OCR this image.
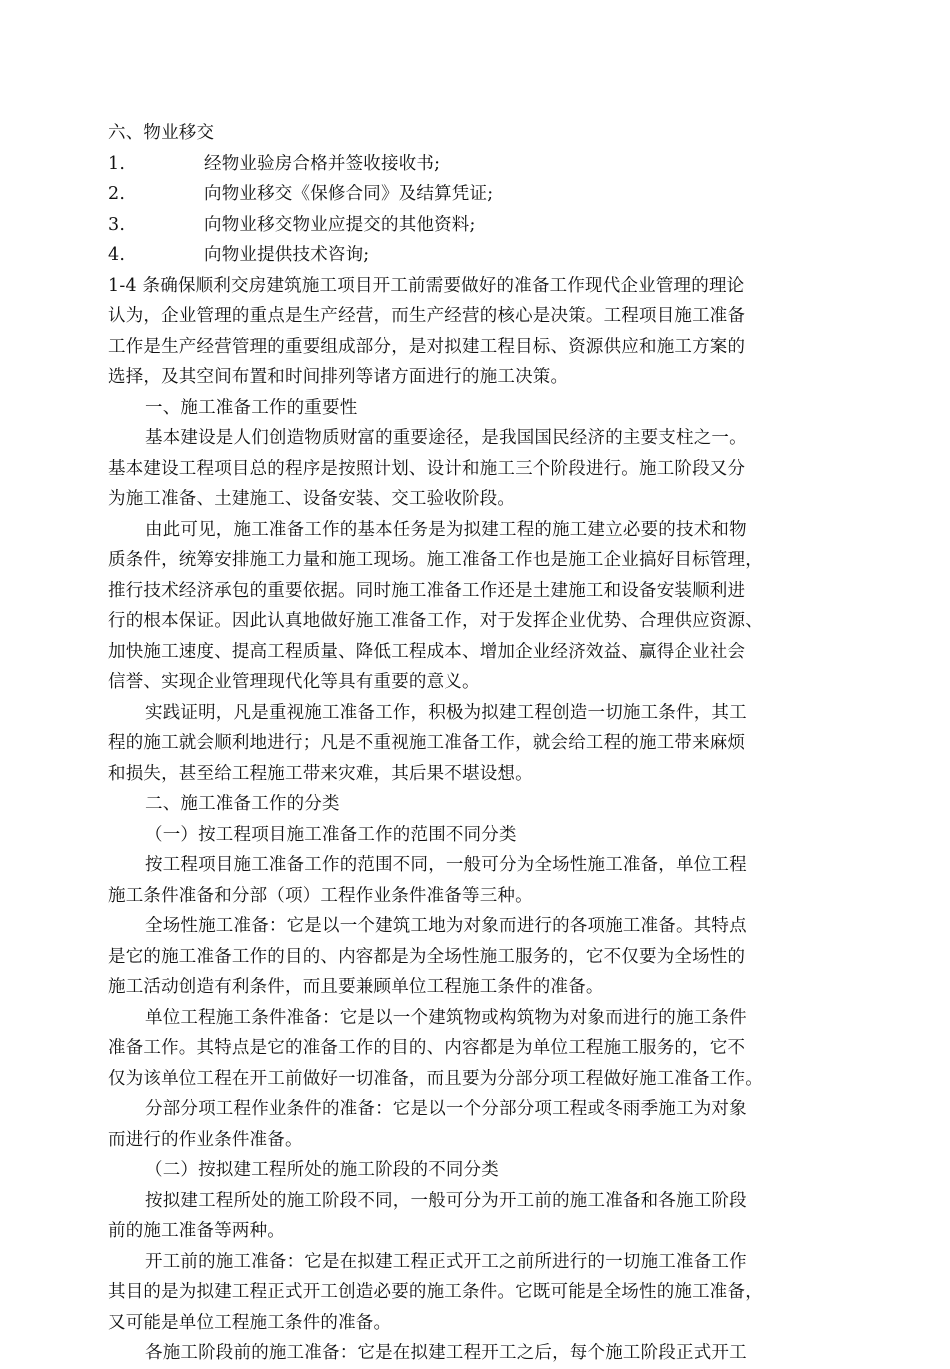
六、物业移交
1.	经物业验房合格并签收接收书;
2.	向物业移交《保修合同》及结算凭证;
3.	向物业移交物业应提交的其他资料;
4.	向物业提供技术咨询;
1-4 条确保顺利交房建筑施工项目开工前需要做好的准备工作现代企业管理的理论
认为，企业管理的重点是生产经营，而生产经营的核心是决策。工程项目施工准备
工作是生产经营管理的重要组成部分，是对拟建工程目标、资源供应和施工方案的
选择，及其空间布置和时间排列等诸方面进行的施工决策。
一、施工准备工作的重要性
基本建设是人们创造物质财富的重要途径，是我国国民经济的主要支柱之一。
基本建设工程项目总的程序是按照计划、设计和施工三个阶段进行。施工阶段又分
为施工准备、土建施工、设备安装、交工验收阶段。
由此可见，施工准备工作的基本任务是为拟建工程的施工建立必要的技术和物
质条件，统筹安排施工力量和施工现场。施工准备工作也是施工企业搞好目标管理，
推行技术经济承包的重要依据。同时施工准备工作还是土建施工和设备安装顺利进
行的根本保证。因此认真地做好施工准备工作，对于发挥企业优势、合理供应资源、
加快施工速度、提高工程质量、降低工程成本、增加企业经济效益、赢得企业社会
信誉、实现企业管理现代化等具有重要的意义。
实践证明，凡是重视施工准备工作，积极为拟建工程创造一切施工条件，其工
程的施工就会顺利地进行；凡是不重视施工准备工作，就会给工程的施工带来麻烦
和损失，甚至给工程施工带来灾难，其后果不堪设想。
二、施工准备工作的分类
（一）按工程项目施工准备工作的范围不同分类
按工程项目施工准备工作的范围不同，一般可分为全场性施工准备，单位工程
施工条件准备和分部（项）工程作业条件准备等三种。
全场性施工准备：它是以一个建筑工地为对象而进行的各项施工准备。其特点
是它的施工准备工作的目的、内容都是为全场性施工服务的，它不仅要为全场性的
施工活动创造有利条件，而且要兼顾单位工程施工条件的准备。
单位工程施工条件准备：它是以一个建筑物或构筑物为对象而进行的施工条件
准备工作。其特点是它的准备工作的目的、内容都是为单位工程施工服务的，它不
仅为该单位工程在开工前做好一切准备，而且要为分部分项工程做好施工准备工作。
分部分项工程作业条件的准备：它是以一个分部分项工程或冬雨季施工为对象
而进行的作业条件准备。
（二）按拟建工程所处的施工阶段的不同分类
按拟建工程所处的施工阶段不同，一般可分为开工前的施工准备和各施工阶段
前的施工准备等两种。
开工前的施工准备：它是在拟建工程正式开工之前所进行的一切施工准备工作
其目的是为拟建工程正式开工创造必要的施工条件。它既可能是全场性的施工准备，
又可能是单位工程施工条件的准备。
各施工阶段前的施工准备：它是在拟建工程开工之后，每个施工阶段正式开工
